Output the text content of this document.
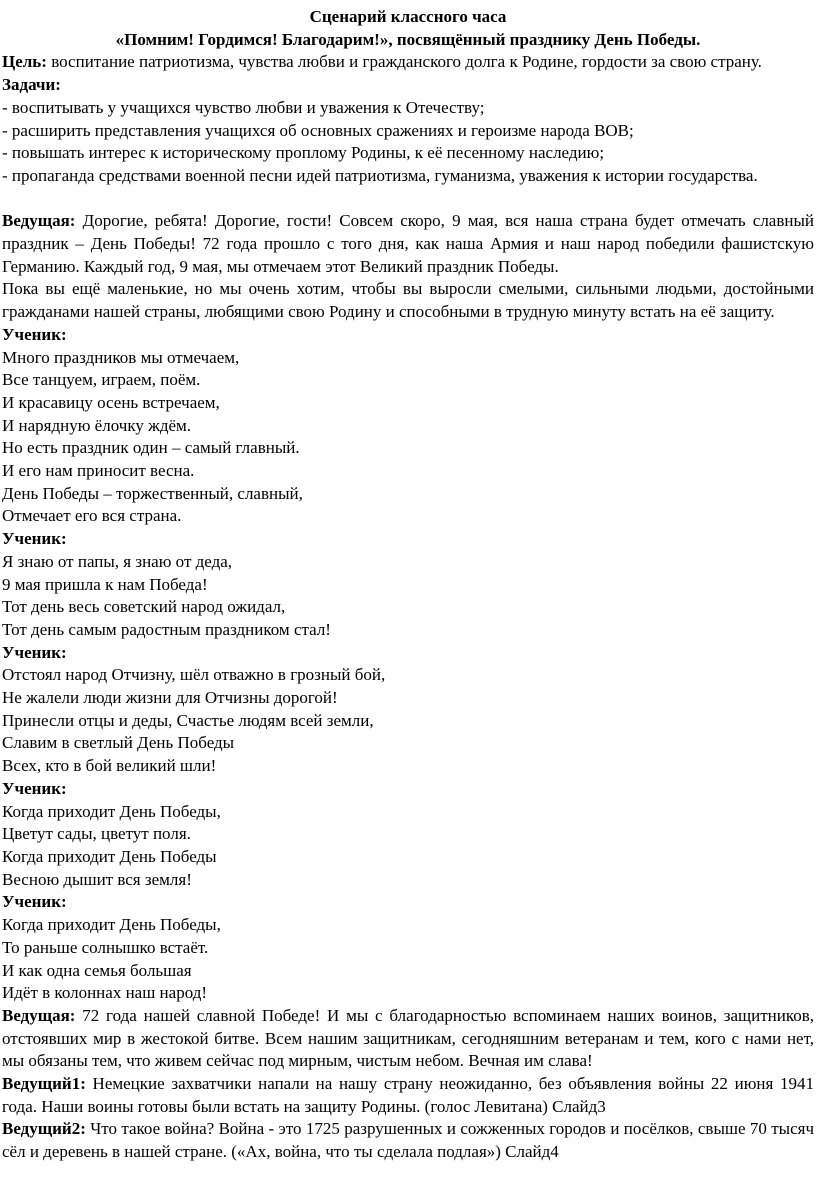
Сценарий классного часа

«Помним! Гордимся! Благодарим!», посвящённый празднику День Победы.

Цель: воспитание патриотизма, чувства любви и гражданского долга к Родине, гордости за свою страну.

Задачи:

- воспитывать у учащихся чувство любви и уважения к Отечеству;

- расширить представления учащихся об основных сражениях и героизме народа ВОВ;

- повышать интерес к историческому проплому Родины, к её песенному наследию;

- пропаганда средствами военной песни идей патриотизма, гуманизма, уважения к истории государства.

Ведущая: Дорогие, ребята! Дорогие, гости! Совсем скоро, 9 мая, вся наша страна будет отмечать славный праздник – День Победы! 72 года прошло с того дня, как наша Армия и наш народ победили фашистскую Германию. Каждый год, 9 мая, мы отмечаем этот Великий праздник Победы.

Пока вы ещё маленькие, но мы очень хотим, чтобы вы выросли смелыми, сильными людьми, достойными гражданами нашей страны, любящими свою Родину и способными в трудную минуту встать на её защиту.

Ученик:

Много праздников мы отмечаем,

Все танцуем, играем, поём.

И красавицу осень встречаем,

И нарядную ёлочку ждём.

Но есть праздник один – самый главный.

И его нам приносит весна.

День Победы – торжественный, славный,

Отмечает его вся страна.

Ученик:

Я знаю от папы, я знаю от деда,

9 мая пришла к нам Победа!

Тот день весь советский народ ожидал,

Тот день самым радостным праздником стал!

Ученик:

Отстоял народ Отчизну, шёл отважно в грозный бой,

Не жалели люди жизни для Отчизны дорогой!

Принесли отцы и деды, Счастье людям всей земли,

Славим в светлый День Победы

Всех, кто в бой великий шли!

Ученик:

Когда приходит День Победы,

Цветут сады, цветут поля.

Когда приходит День Победы

Весною дышит вся земля!

Ученик:

Когда приходит День Победы,

То раньше солнышко встаёт.

И как одна семья большая

Идёт в колоннах наш народ!

Ведущая: 72 года нашей славной Победе! И мы с благодарностью вспоминаем наших воинов, защитников, отстоявших мир в жестокой битве. Всем нашим защитникам, сегодняшним ветеранам и тем, кого с нами нет, мы обязаны тем, что живем сейчас под мирным, чистым небом. Вечная им слава!

Ведущий1: Немецкие захватчики напали на нашу страну неожиданно, без объявления войны 22 июня 1941 года. Наши воины готовы были встать на защиту Родины. (голос Левитана) Слайд3

Ведущий2: Что такое война? Война - это 1725 разрушенных и сожженных городов и посёлков, свыше 70 тысяч сёл и деревень в нашей стране. («Ах, война, что ты сделала подлая») Слайд4
